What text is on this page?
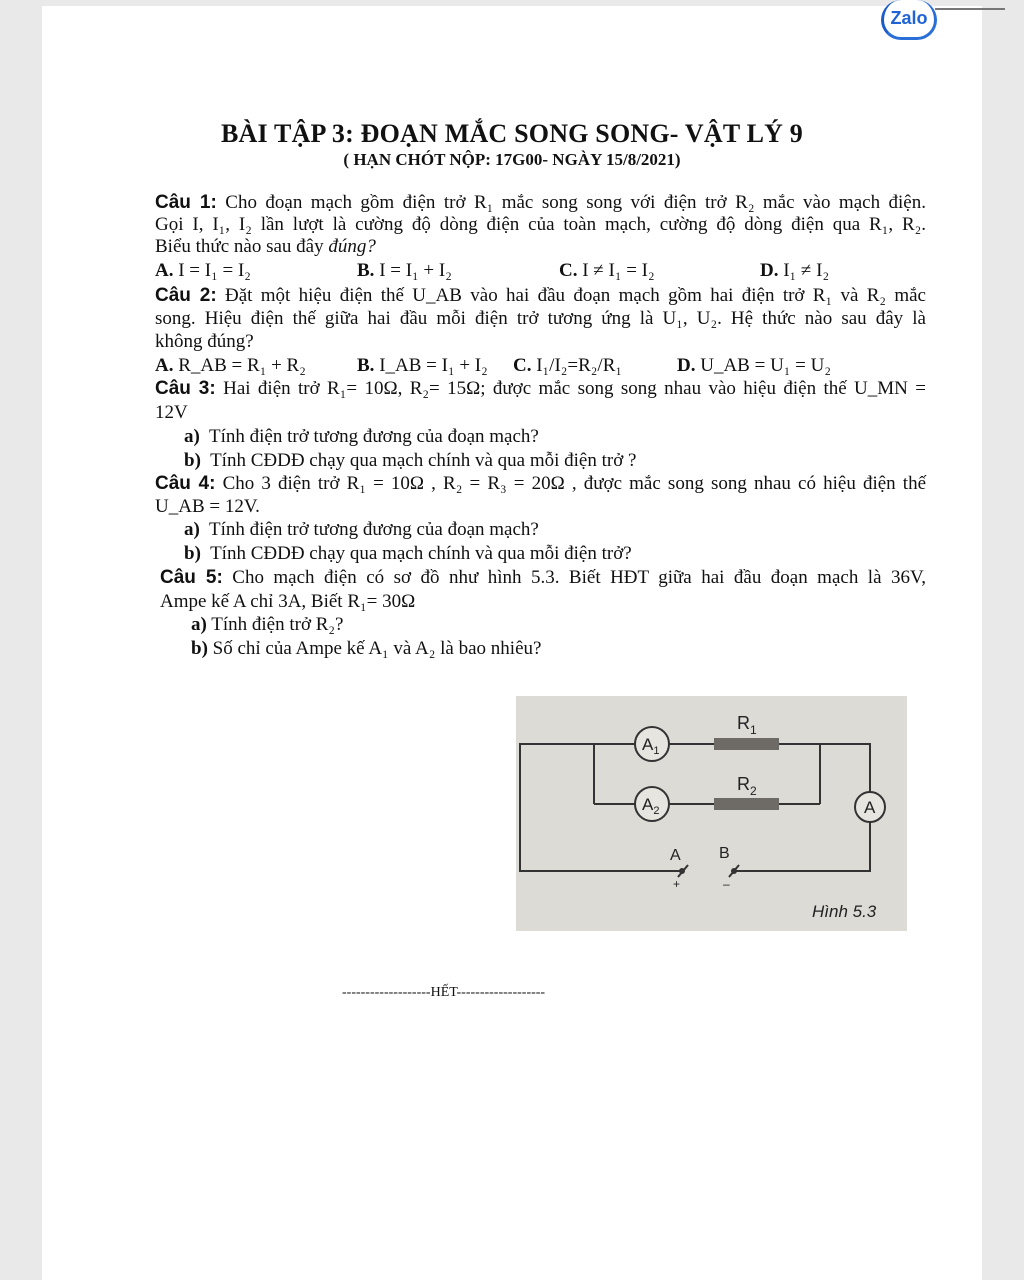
Zalo
BÀI TẬP 3: ĐOẠN MẮC SONG SONG- VẬT LÝ 9
( HẠN CHÓT NỘP: 17G00- NGÀY 15/8/2021)
Câu 1: Cho đoạn mạch gồm điện trở R₁ mắc song song với điện trở R₂ mắc vào mạch điện.
Gọi I, I₁, I₂ lần lượt là cường độ dòng điện của toàn mạch, cường độ dòng điện qua R₁, R₂.
Biểu thức nào sau đây đúng?
A. I = I₁ = I₂	B. I = I₁ + I₂	C. I ≠ I₁ = I₂	D. I₁ ≠ I₂
Câu 2: Đặt một hiệu điện thế U_AB vào hai đầu đoạn mạch gồm hai điện trở R₁ và R₂ mắc
song. Hiệu điện thế giữa hai đầu mỗi điện trở tương ứng là U₁, U₂. Hệ thức nào sau đây là
không đúng?
A. R_AB = R₁ + R₂	B. I_AB = I₁ + I₂ C. I₁/I₂=R₂/R₁	D. U_AB = U₁ = U₂
Câu 3: Hai điện trở R₁= 10Ω, R₂= 15Ω; được mắc song song nhau vào hiệu điện thế U_MN =
12V
a) Tính điện trở tương đương của đoạn mạch?
b) Tính CĐDĐ chạy qua mạch chính và qua mỗi điện trở ?
Câu 4: Cho 3 điện trở R₁ = 10Ω , R₂ = R₃ = 20Ω , được mắc song song nhau có hiệu điện thế
U_AB = 12V.
a) Tính điện trở tương đương của đoạn mạch?
b) Tính CĐDĐ chạy qua mạch chính và qua mỗi điện trở?
Câu 5: Cho mạch điện có sơ đồ như hình 5.3. Biết HĐT giữa hai đầu đoạn mạch là 36V,
Ampe kế A chỉ 3A, Biết R₁= 30Ω
a) Tính điện trở R₂?
b) Số chỉ của Ampe kế A₁ và A₂ là bao nhiêu?
$R_1$
$R_2$
$A_1$
$A_2$	A
A B
+	–
Hình 5.3
-------------------HẾT-------------------
